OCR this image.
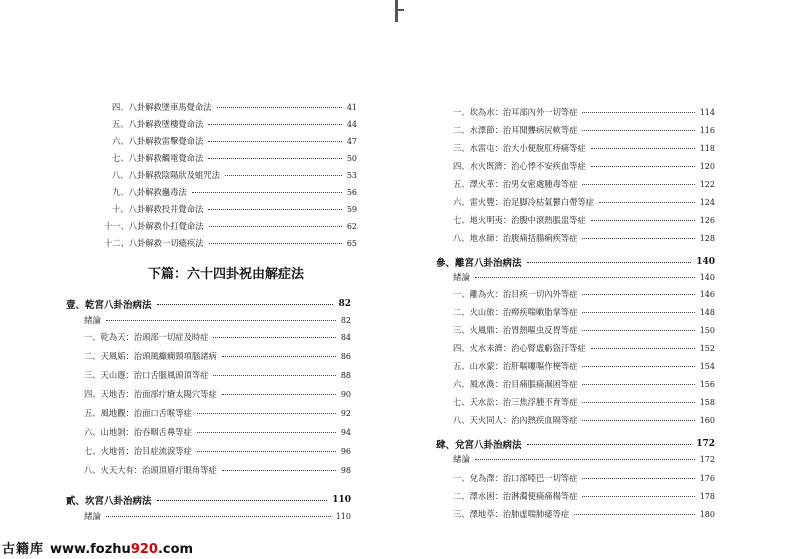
四、八卦解救墜車馬覺命法	41
五、八卦解救墜樓覺命法	44
六、八卦解救雷擊覺命法	47
七、八卦解救觸電覺命法	50
八、八卦解救陰陽狀及蛆咒法	53
九、八卦解救蠱毒法	56
十、八卦解救投井覺命法	59
十一、八卦解救仆打覺命法	62
十二、八卦解救一切癔疾法	65
下篇：六十四卦祝由解症法
壹、乾宮八卦治病法	82
緒論	82
一、乾為天：治頭部一切症及時症	84
二、天風姤：治頭風癲癇頸項腦諸病	86
三、天山遯：治口舌腦風頭頂等症	88
四、天地否：治面部疔瘡太陽穴等症	90
五、風地觀：治面口舌喉等症	92
六、山地剝：治吞咽舌鼻等症	94
七、火地晉：治目症流淚等症	96
八、火天大有：治頭頂眉疔眼角等症	98
貳、坎宮八卦治病法	110
緒論	110
一、坎為水：治耳部內外一切等症	114
二、水澤節：治耳聞聾病尻軟等症	116
三、水雷屯：治大小便脫肛痔痛等症	118
四、水火既濟：治心悸不安疾血等症	120
五、澤火革：治男女密處腫毒等症	122
六、雷火豐：治足脚冷枯氣鬱白帶等症	124
七、地火明夷：治腹中滾熱脹盅等症	126
八、地水師：治腹痛括腸痢疾等症	128
參、離宮八卦治病法	140
緒論	140
一、離為火：治目疾一切內外等症	146
二、火山旅：治癆疾喘嗽脂掌等症	148
三、火風鼎：治胃熱嘔虫反胃等症	150
四、火水未濟：治心腎虛虧盜汗等症	152
五、山水蒙：治肝嘔嘍嘔作梗等症	154
六、風水渙：治目痛脹痛濕困等症	156
七、天水訟：治三焦浮腫不育等症	158
八、天火同人：治內熱疾血隔等症	160
肆、兌宮八卦治病法	172
緒論	172
一、兌為澤：治口部啞巴一切等症	176
二、澤水困：治淋濁便痛痛楊等症	178
三、澤地萃：治肺虛喘肺痿等症	180
古籍库 www.fozhu920.com
